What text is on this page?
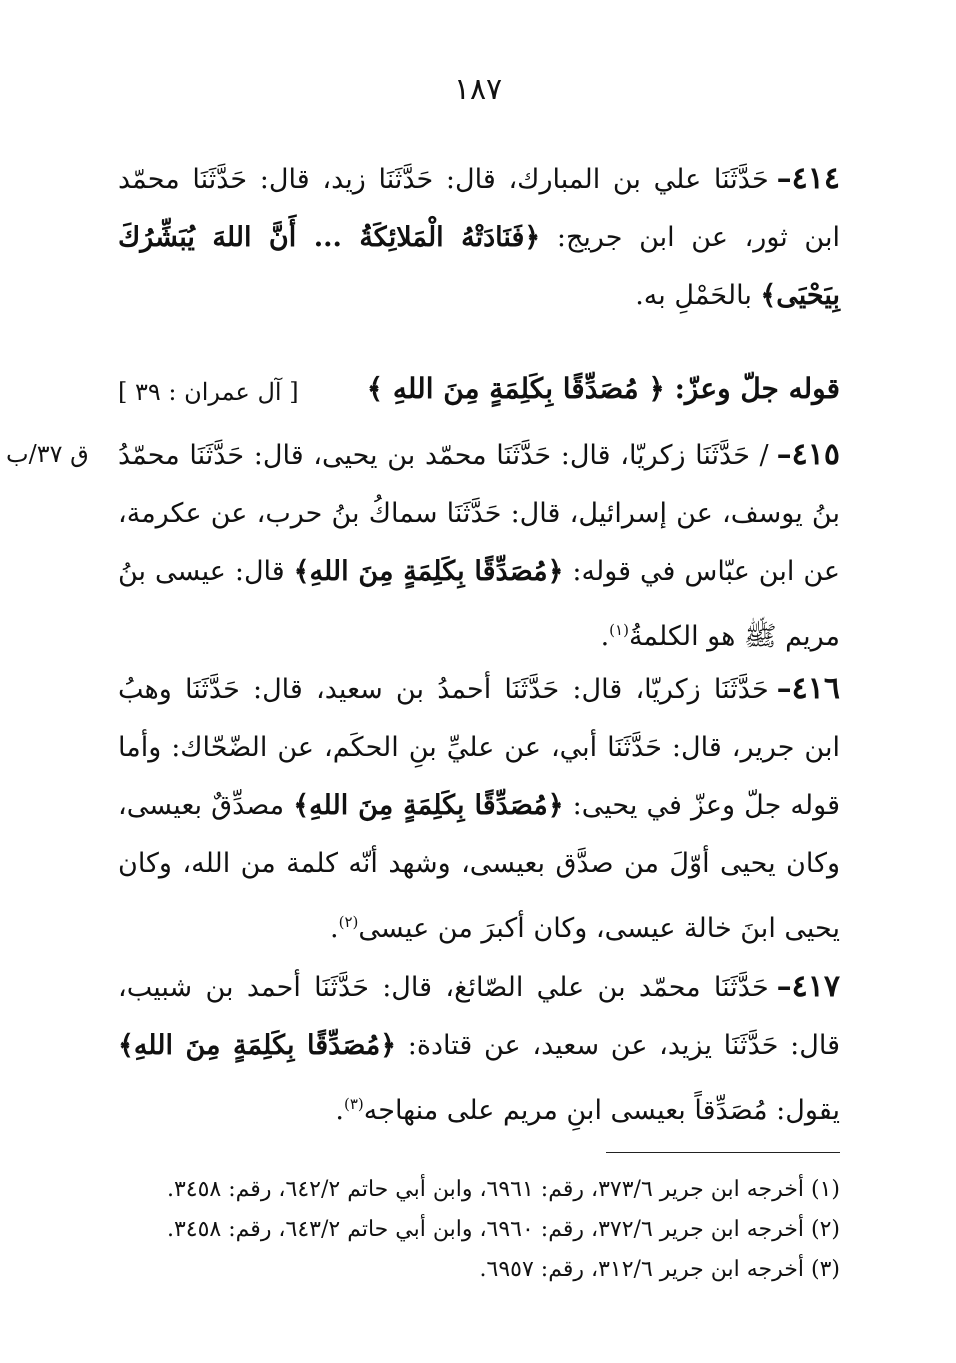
١٨٧
٤١٤–حَدَّثَنَا علي بن المبارك، قال: حَدَّثَنَا زيد، قال: حَدَّثَنَا محمّد ابن ثور، عن ابن جريج: ﴿فَنَادَتْهُ الْمَلائِكَةُ ... أَنَّ اللهَ يُبَشِّرُكَ بِيَحْيَى﴾ بالحَمْلِ به.
قوله جلّ وعزّ: ﴿ مُصَدِّقًا بِكَلِمَةٍ مِنَ اللهِ ﴾
[ آل عمران : ٣٩ ]
ق ٣٧/ب	٤١٥–/ حَدَّثَنَا زكريّا، قال: حَدَّثَنَا محمّد بن يحيى، قال: حَدَّثَنَا محمّدُ بنُ يوسف، عن إسرائيل، قال: حَدَّثَنَا سماكُ بنُ حرب، عن عكرمة، عن ابن عبّاس في قوله: ﴿مُصَدِّقًا بِكَلِمَةٍ مِنَ اللهِ﴾ قال: عيسى بنُ مريم ﷺ هو الكلمةُ$^{(١)}$.
٤١٦–حَدَّثَنَا زكريّا، قال: حَدَّثَنَا أحمدُ بن سعيد، قال: حَدَّثَنَا وهبُ ابن جرير، قال: حَدَّثَنَا أبي، عن عليِّ بنِ الحكَم، عن الضّحّاك: وأما قوله جلّ وعزّ في يحيى: ﴿مُصَدِّقًا بِكَلِمَةٍ مِنَ اللهِ﴾ مصدِّقٌ بعيسى، وكان يحيى أوّلَ من صدَّق بعيسى، وشهد أنّه كلمة من الله، وكان يحيى ابنَ خالة عيسى، وكان أكبرَ من عيسى$^{(٢)}$.
٤١٧–حَدَّثَنَا محمّد بن علي الصّائغ، قال: حَدَّثَنَا أحمد بن شبيب، قال: حَدَّثَنَا يزيد، عن سعيد، عن قتادة: ﴿مُصَدِّقًا بِكَلِمَةٍ مِنَ اللهِ﴾ يقول: مُصَدِّقاً بعيسى ابنِ مريم على منهاجه$^{(٣)}$.
(١) أخرجه ابن جرير ٣٧٣/٦، رقم: ٦٩٦١، وابن أبي حاتم ٦٤٢/٢، رقم: ٣٤٥٨.
(٢) أخرجه ابن جرير ٣٧٢/٦، رقم: ٦٩٦٠، وابن أبي حاتم ٦٤٣/٢، رقم: ٣٤٥٨.
(٣) أخرجه ابن جرير ٣١٢/٦، رقم: ٦٩٥٧.
